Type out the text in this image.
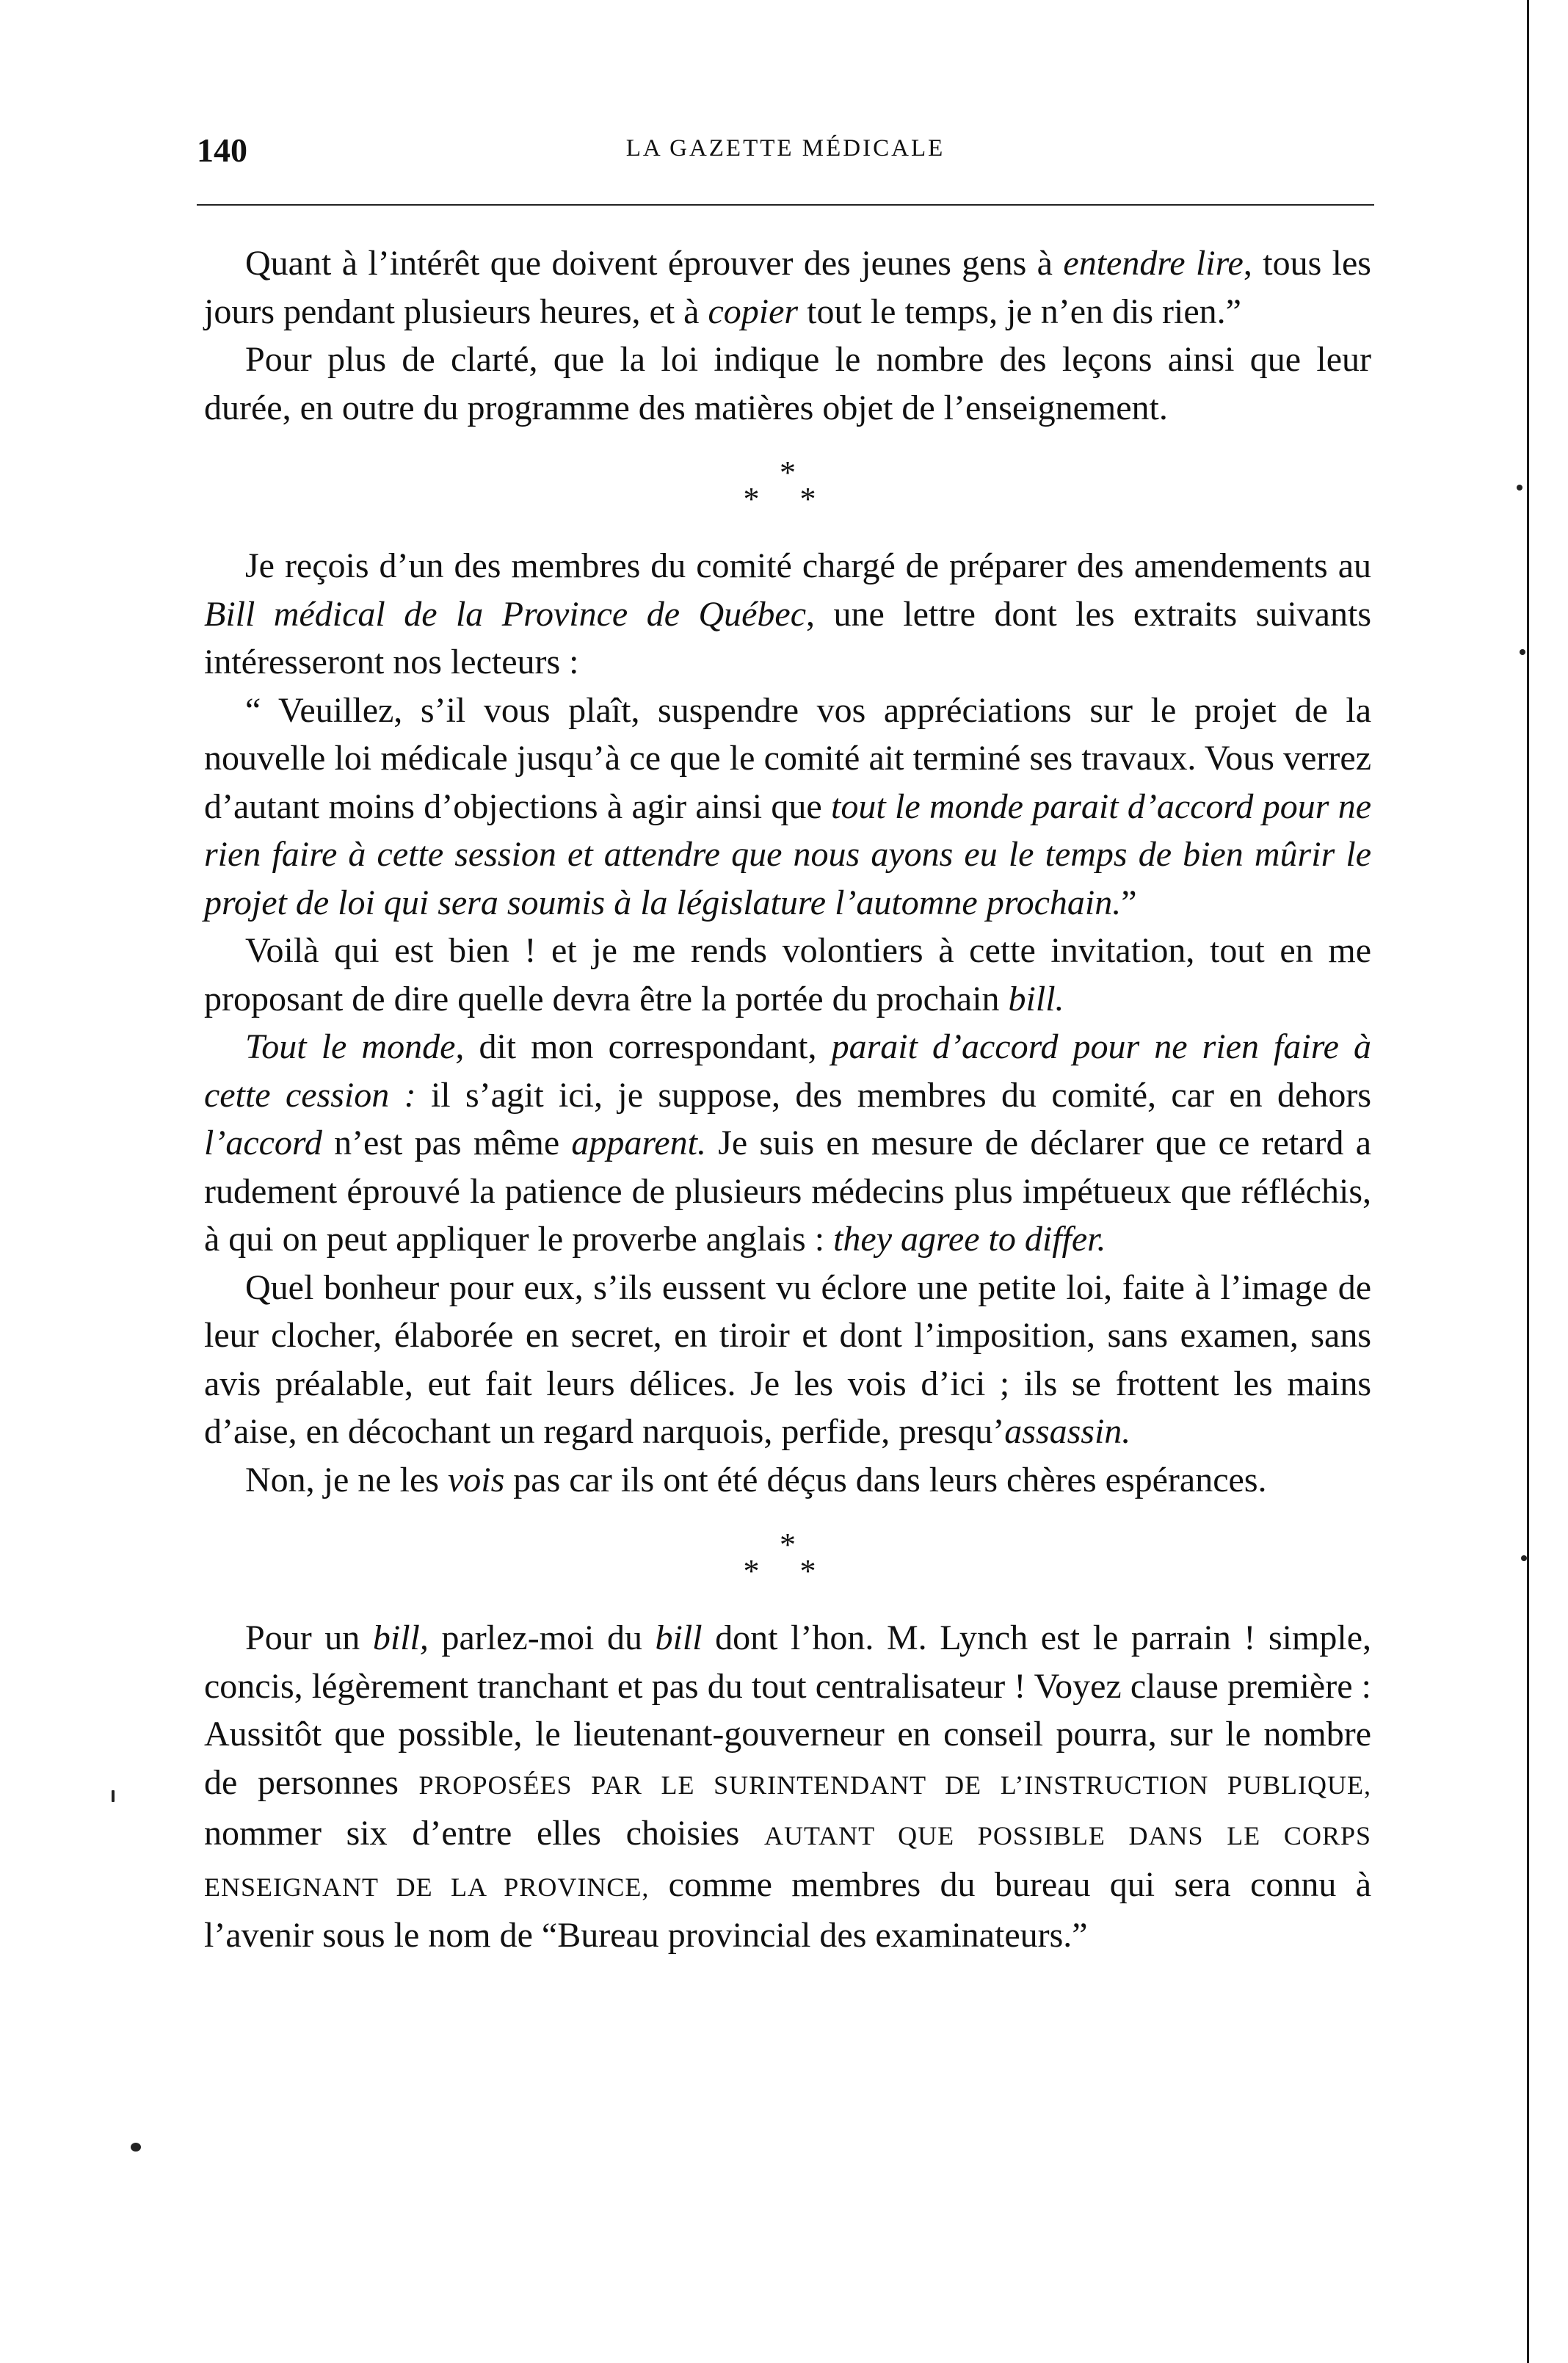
140	LA GAZETTE MÉDICALE

Quant à l’intérêt que doivent éprouver des jeunes gens à entendre lire, tous les jours pendant plusieurs heures, et à copier tout le temps, je n’en dis rien.”

Pour plus de clarté, que la loi indique le nombre des leçons ainsi que leur durée, en outre du programme des matières objet de l’enseignement.

*
* *

Je reçois d’un des membres du comité chargé de préparer des amendements au Bill médical de la Province de Québec, une lettre dont les extraits suivants intéresseront nos lecteurs :

“ Veuillez, s’il vous plaît, suspendre vos appréciations sur le projet de la nouvelle loi médicale jusqu’à ce que le comité ait terminé ses travaux. Vous verrez d’autant moins d’objections à agir ainsi que tout le monde parait d’accord pour ne rien faire à cette session et attendre que nous ayons eu le temps de bien mûrir le projet de loi qui sera soumis à la législature l’automne prochain.”

Voilà qui est bien ! et je me rends volontiers à cette invitation, tout en me proposant de dire quelle devra être la portée du prochain bill.

Tout le monde, dit mon correspondant, parait d’accord pour ne rien faire à cette cession : il s’agit ici, je suppose, des membres du comité, car en dehors l’accord n’est pas même apparent. Je suis en mesure de déclarer que ce retard a rudement éprouvé la patience de plusieurs médecins plus impétueux que réfléchis, à qui on peut appliquer le proverbe anglais : they agree to differ.

Quel bonheur pour eux, s’ils eussent vu éclore une petite loi, faite à l’image de leur clocher, élaborée en secret, en tiroir et dont l’imposition, sans examen, sans avis préalable, eut fait leurs délices. Je les vois d’ici ; ils se frottent les mains d’aise, en décochant un regard narquois, perfide, presqu’assassin.

Non, je ne les vois pas car ils ont été déçus dans leurs chères espérances.

*
* *

Pour un bill, parlez-moi du bill dont l’hon. M. Lynch est le parrain ! simple, concis, légèrement tranchant et pas du tout centralisateur ! Voyez clause première : Aussitôt que possible, le lieutenant-gouverneur en conseil pourra, sur le nombre de personnes PROPOSÉES PAR LE SURINTENDANT DE L’INSTRUCTION PUBLIQUE, nommer six d’entre elles choisies AUTANT QUE POSSIBLE DANS LE CORPS ENSEIGNANT DE LA PROVINCE, comme membres du bureau qui sera connu à l’avenir sous le nom de “Bureau provincial des examinateurs.”
